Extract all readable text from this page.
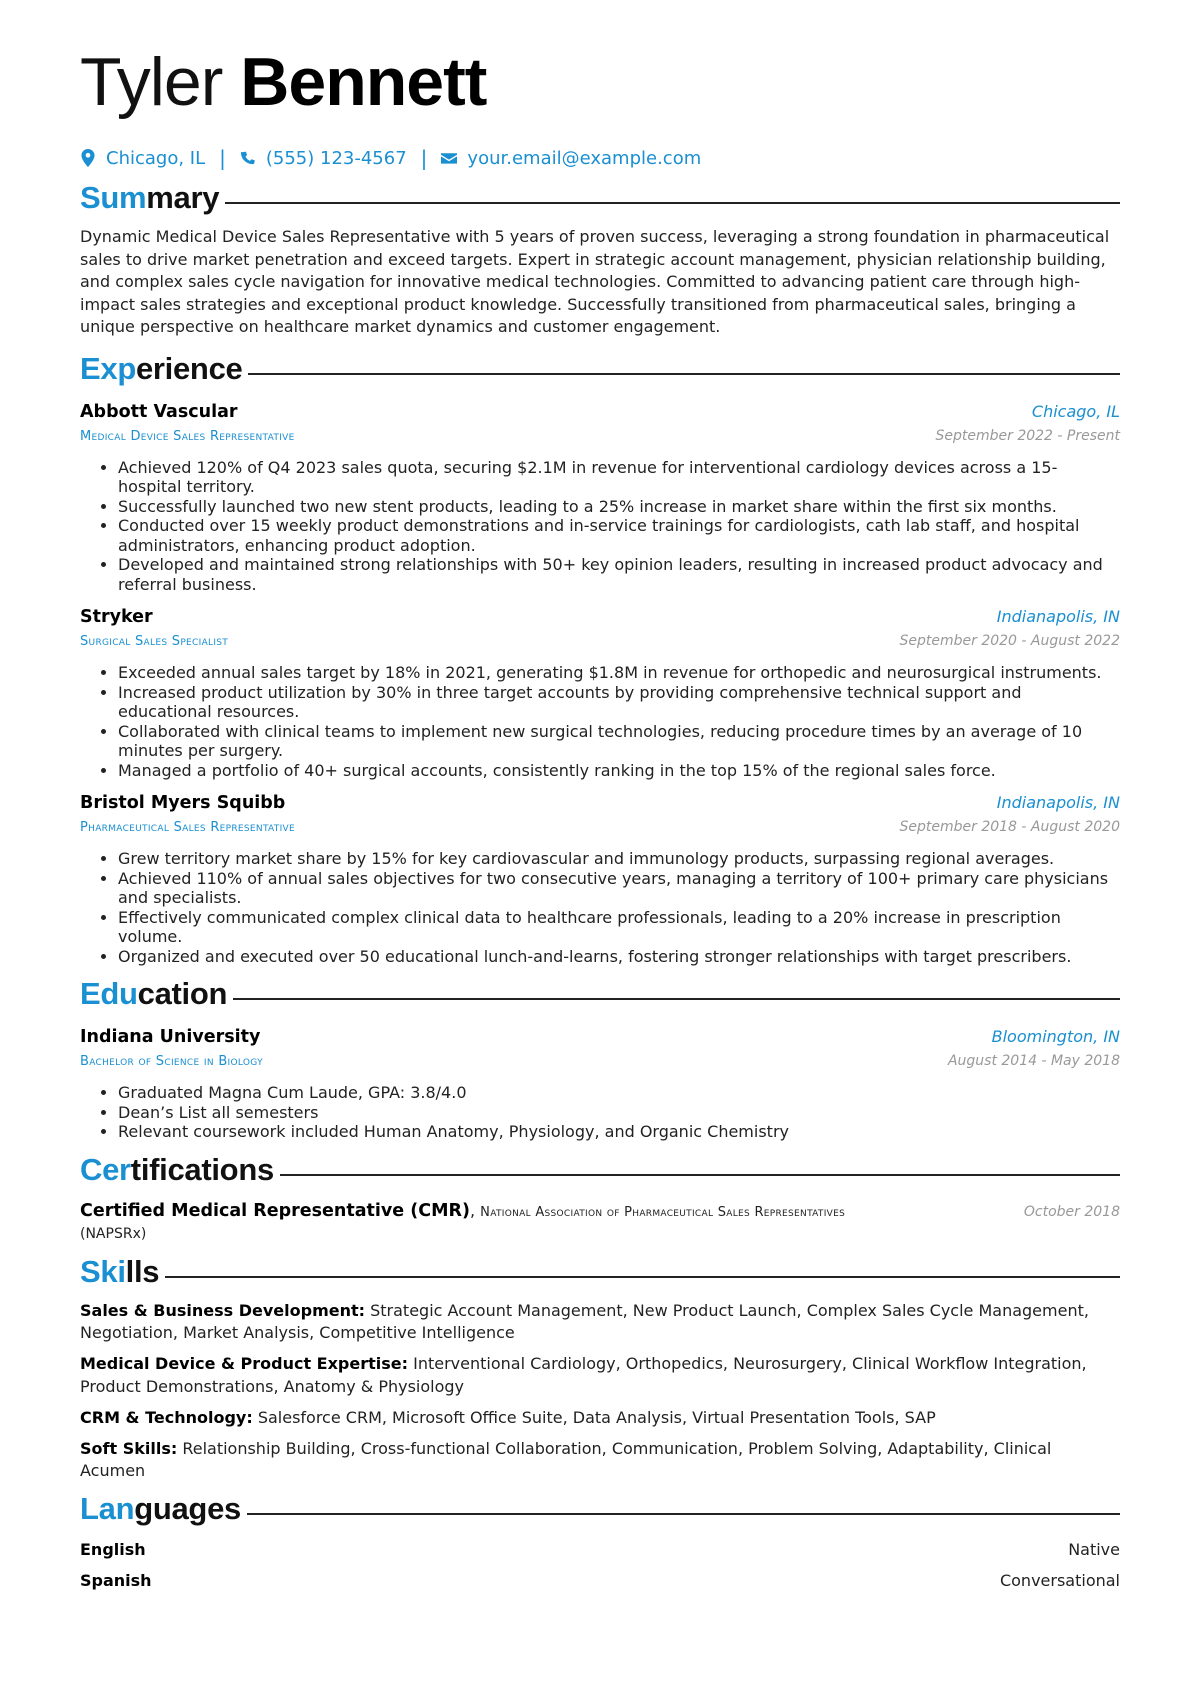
Tyler Bennett
Chicago, IL | (555) 123-4567 | your.email@example.com
Summary
Dynamic Medical Device Sales Representative with 5 years of proven success, leveraging a strong foundation in pharmaceutical sales to drive market penetration and exceed targets. Expert in strategic account management, physician relationship building, and complex sales cycle navigation for innovative medical technologies. Committed to advancing patient care through high-impact sales strategies and exceptional product knowledge. Successfully transitioned from pharmaceutical sales, bringing a unique perspective on healthcare market dynamics and customer engagement.
Experience
Abbott Vascular	Chicago, IL
Medical Device Sales Representative	September 2022 - Present
• Achieved 120% of Q4 2023 sales quota, securing $2.1M in revenue for interventional cardiology devices across a 15-hospital territory.
• Successfully launched two new stent products, leading to a 25% increase in market share within the first six months.
• Conducted over 15 weekly product demonstrations and in-service trainings for cardiologists, cath lab staff, and hospital administrators, enhancing product adoption.
• Developed and maintained strong relationships with 50+ key opinion leaders, resulting in increased product advocacy and referral business.
Stryker	Indianapolis, IN
Surgical Sales Specialist	September 2020 - August 2022
• Exceeded annual sales target by 18% in 2021, generating $1.8M in revenue for orthopedic and neurosurgical instruments.
• Increased product utilization by 30% in three target accounts by providing comprehensive technical support and educational resources.
• Collaborated with clinical teams to implement new surgical technologies, reducing procedure times by an average of 10 minutes per surgery.
• Managed a portfolio of 40+ surgical accounts, consistently ranking in the top 15% of the regional sales force.
Bristol Myers Squibb	Indianapolis, IN
Pharmaceutical Sales Representative	September 2018 - August 2020
• Grew territory market share by 15% for key cardiovascular and immunology products, surpassing regional averages.
• Achieved 110% of annual sales objectives for two consecutive years, managing a territory of 100+ primary care physicians and specialists.
• Effectively communicated complex clinical data to healthcare professionals, leading to a 20% increase in prescription volume.
• Organized and executed over 50 educational lunch-and-learns, fostering stronger relationships with target prescribers.
Education
Indiana University	Bloomington, IN
Bachelor of Science in Biology	August 2014 - May 2018
• Graduated Magna Cum Laude, GPA: 3.8/4.0
• Dean’s List all semesters
• Relevant coursework included Human Anatomy, Physiology, and Organic Chemistry
Certifications
Certified Medical Representative (CMR), National Association of Pharmaceutical Sales Representatives	October 2018
(NAPSRx)
Skills
Sales & Business Development: Strategic Account Management, New Product Launch, Complex Sales Cycle Management, Negotiation, Market Analysis, Competitive Intelligence
Medical Device & Product Expertise: Interventional Cardiology, Orthopedics, Neurosurgery, Clinical Workflow Integration, Product Demonstrations, Anatomy & Physiology
CRM & Technology: Salesforce CRM, Microsoft Office Suite, Data Analysis, Virtual Presentation Tools, SAP
Soft Skills: Relationship Building, Cross-functional Collaboration, Communication, Problem Solving, Adaptability, Clinical Acumen
Languages
English	Native
Spanish	Conversational
